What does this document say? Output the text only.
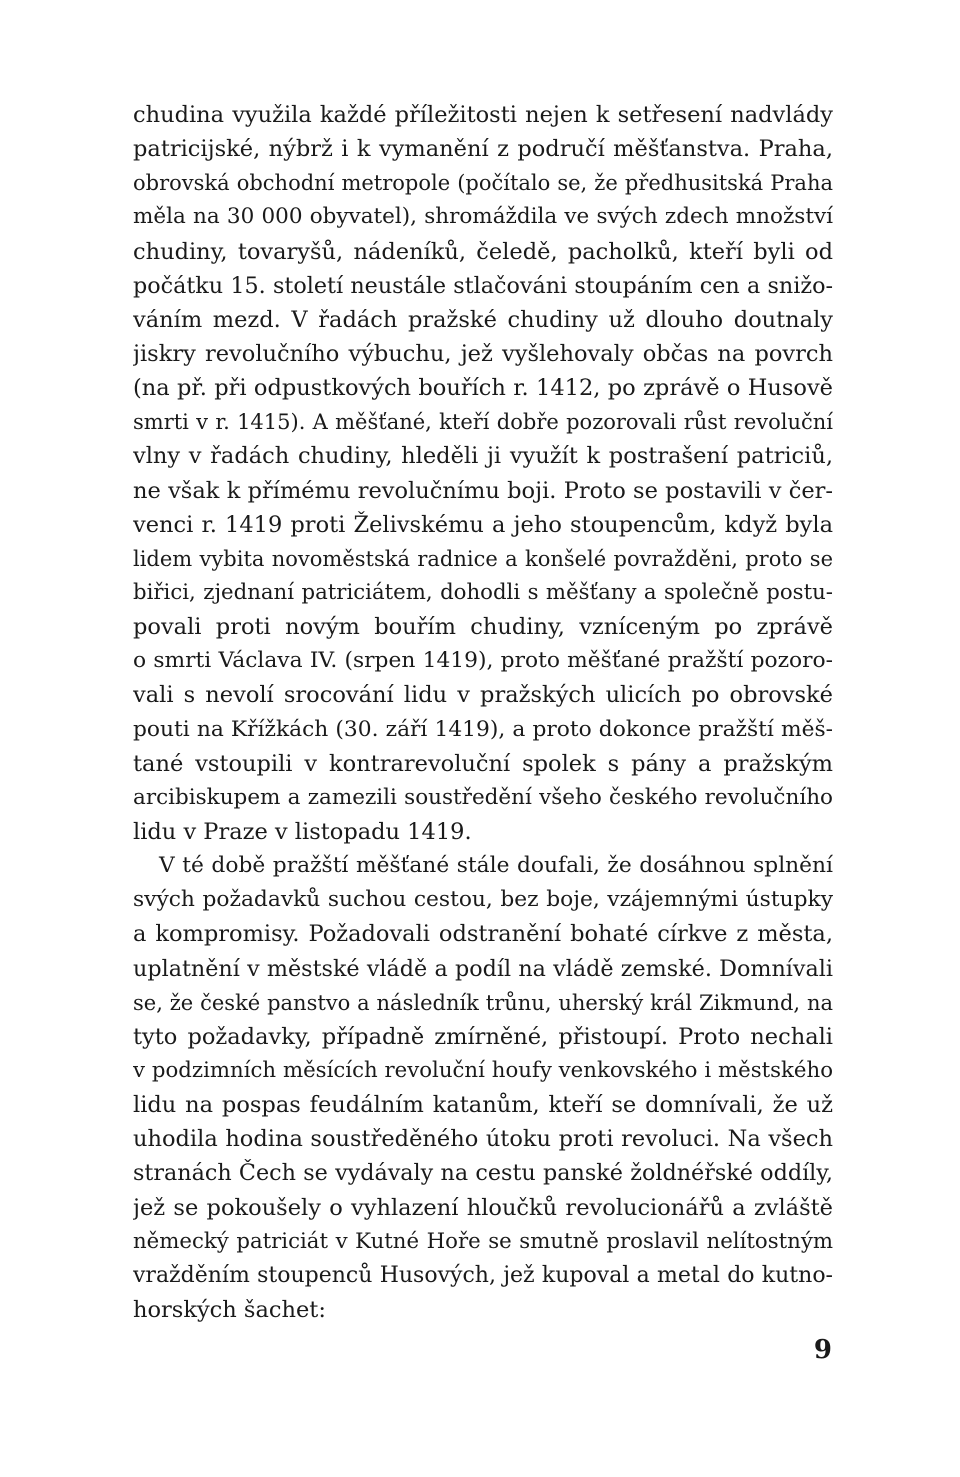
chudina využila každé příležitosti nejen k setřesení nadvlády
patricijské, nýbrž i k vymanění z područí měšťanstva. Praha,
obrovská obchodní metropole (počítalo se, že předhusitská Praha
měla na 30 000 obyvatel), shromáždila ve svých zdech množství
chudiny, tovaryšů, nádeníků, čeledě, pacholků, kteří byli od
počátku 15. století neustále stlačováni stoupáním cen a snižo-
váním mezd. V řadách pražské chudiny už dlouho doutnaly
jiskry revolučního výbuchu, jež vyšlehovaly občas na povrch
(na př. při odpustkových bouřích r. 1412, po zprávě o Husově
smrti v r. 1415). A měšťané, kteří dobře pozorovali růst revoluční
vlny v řadách chudiny, hleděli ji využít k postrašení patriciů,
ne však k přímému revolučnímu boji. Proto se postavili v čer-
venci r. 1419 proti Želivskému a jeho stoupencům, když byla
lidem vybita novoměstská radnice a konšelé povražděni, proto se
biřici, zjednaní patriciátem, dohodli s měšťany a společně postu-
povali proti novým bouřím chudiny, vzníceným po zprávě
o smrti Václava IV. (srpen 1419), proto měšťané pražští pozoro-
vali s nevolí srocování lidu v pražských ulicích po obrovské
pouti na Křížkách (30. září 1419), a proto dokonce pražští měš-
tané vstoupili v kontrarevoluční spolek s pány a pražským
arcibiskupem a zamezili soustředění všeho českého revolučního
lidu v Praze v listopadu 1419.
V té době pražští měšťané stále doufali, že dosáhnou splnění
svých požadavků suchou cestou, bez boje, vzájemnými ústupky
a kompromisy. Požadovali odstranění bohaté církve z města,
uplatnění v městské vládě a podíl na vládě zemské. Domnívali
se, že české panstvo a následník trůnu, uherský král Zikmund, na
tyto požadavky, případně zmírněné, přistoupí. Proto nechali
v podzimních měsících revoluční houfy venkovského i městského
lidu na pospas feudálním katanům, kteří se domnívali, že už
uhodila hodina soustředěného útoku proti revoluci. Na všech
stranách Čech se vydávaly na cestu panské žoldnéřské oddíly,
jež se pokoušely o vyhlazení hloučků revolucionářů a zvláště
německý patriciát v Kutné Hoře se smutně proslavil nelítostným
vražděním stoupenců Husových, jež kupoval a metal do kutno-
horských šachet:
9
